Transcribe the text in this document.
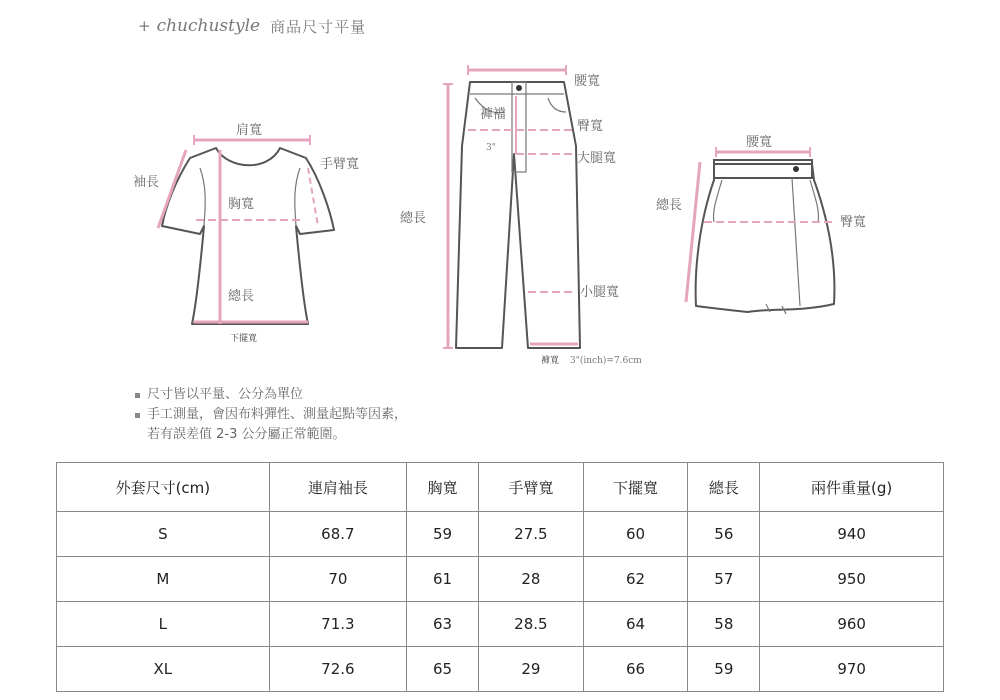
+ chuchustyle 商品尺寸平量
肩寬
袖長
手臂寬
胸寬
總長
下擺寬
腰寬
褲襠
3"
臀寬
大腿寬
總長
小腿寬
褲寬 3"(inch)=7.6cm
腰寬
總長
臀寬
尺寸皆以平量、公分為單位
手工測量，會因布料彈性、測量起點等因素，
若有誤差值 2-3 公分屬正常範圍。
外套尺寸(cm)	連肩袖長	胸寬	手臂寬	下擺寬	總長	兩件重量(g)
S	68.7	59	27.5	60	56	940
M	70	61	28	62	57	950
L	71.3	63	28.5	64	58	960
XL	72.6	65	29	66	59	970
